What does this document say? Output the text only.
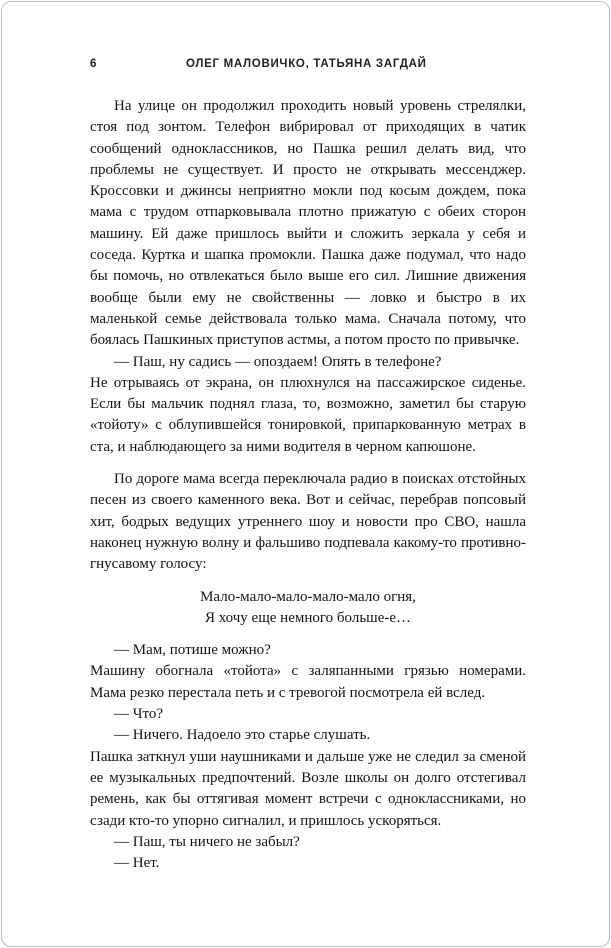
6	ОЛЕГ МАЛОВИЧКО, ТАТЬЯНА ЗАГДАЙ

На улице он продолжил проходить новый уровень стрелялки, стоя под зонтом. Телефон вибрировал от приходящих в чатик сообщений одноклассников, но Пашка решил делать вид, что проблемы не существует. И просто не открывать мессенджер. Кроссовки и джинсы неприятно мокли под косым дождем, пока мама с трудом отпарковывала плотно прижатую с обеих сторон машину. Ей даже пришлось выйти и сложить зеркала у себя и соседа. Куртка и шапка промокли. Пашка даже подумал, что надо бы помочь, но отвлекаться было выше его сил. Лишние движения вообще были ему не свойственны — ловко и быстро в их маленькой семье действовала только мама. Сначала потому, что боялась Пашкиных приступов астмы, а потом просто по привычке.

— Паш, ну садись — опоздаем! Опять в телефоне?

Не отрываясь от экрана, он плюхнулся на пассажирское сиденье. Если бы мальчик поднял глаза, то, возможно, заметил бы старую «тойоту» с облупившейся тонировкой, припаркованную метрах в ста, и наблюдающего за ними водителя в черном капюшоне.

По дороге мама всегда переключала радио в поисках отстойных песен из своего каменного века. Вот и сейчас, перебрав попсовый хит, бодрых ведущих утреннего шоу и новости про СВО, нашла наконец нужную волну и фальшиво подпевала какому-то противно-гнусавому голосу:

Мало-мало-мало-мало-мало огня,
Я хочу еще немного больше-е…

— Мам, потише можно?

Машину обогнала «тойота» с заляпанными грязью номерами. Мама резко перестала петь и с тревогой посмотрела ей вслед.

— Что?

— Ничего. Надоело это старье слушать.

Пашка заткнул уши наушниками и дальше уже не следил за сменой ее музыкальных предпочтений. Возле школы он долго отстегивал ремень, как бы оттягивая момент встречи с одноклассниками, но сзади кто-то упорно сигналил, и пришлось ускоряться.

— Паш, ты ничего не забыл?

— Нет.
